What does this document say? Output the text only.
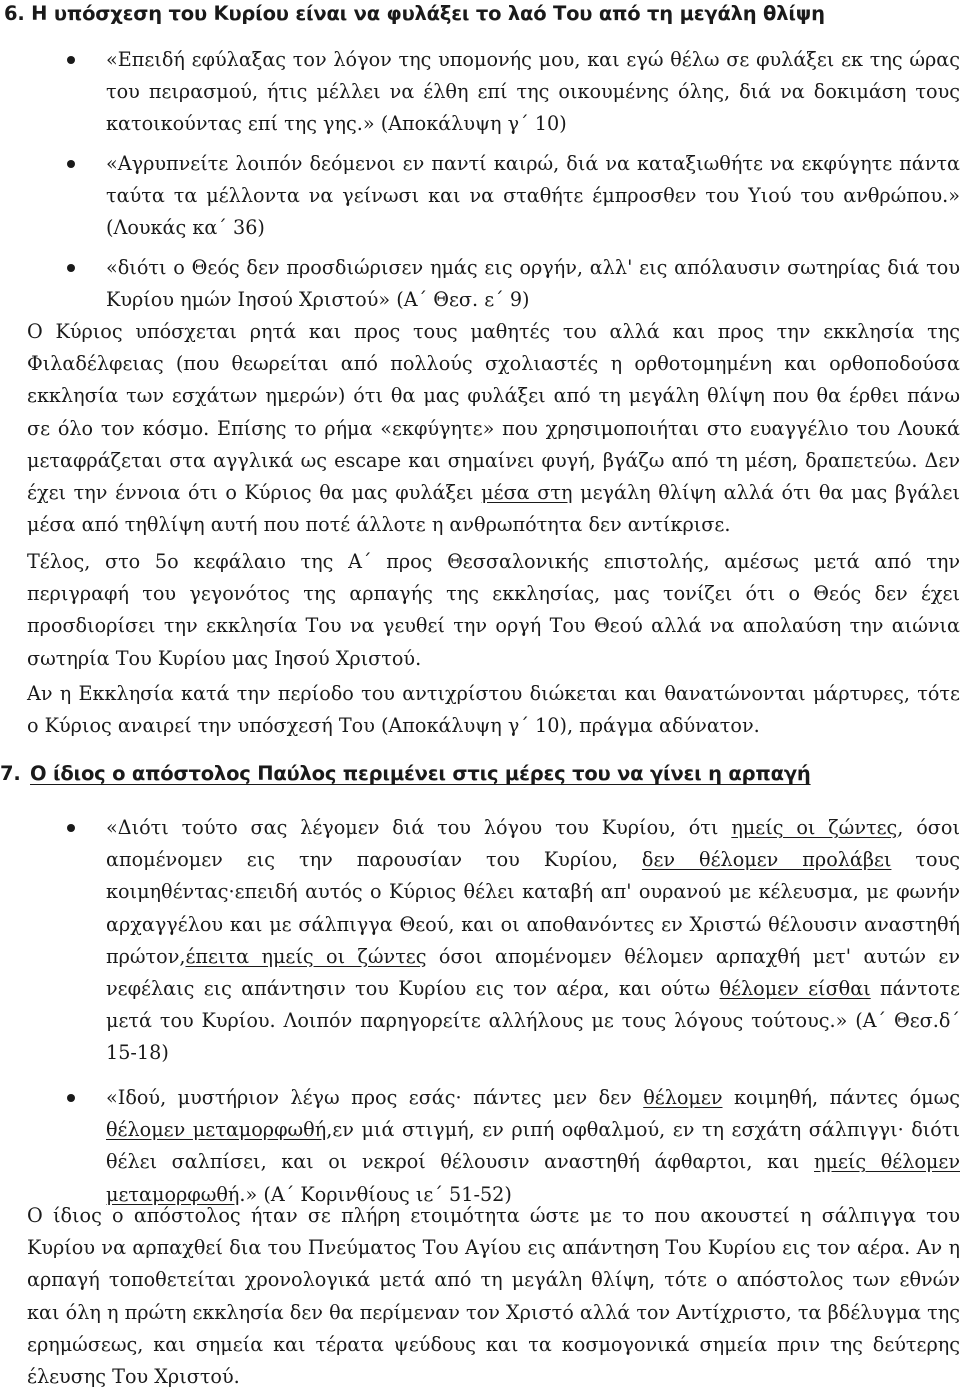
6. Η υπόσχεση του Κυρίου είναι να φυλάξει το λαό Του από τη μεγάλη θλίψη
«Επειδή εφύλαξας τον λόγον της υπομονής μου, και εγώ θέλω σε φυλάξει εκ της ώρας του πειρασμού, ήτις μέλλει να έλθη επί της οικουμένης όλης, διά να δοκιμάση τους κατοικούντας επί της γης.» (Αποκάλυψη γ΄ 10)
«Αγρυπνείτε λοιπόν δεόμενοι εν παντί καιρώ, διά να καταξιωθήτε να εκφύγητε πάντα ταύτα τα μέλλοντα να γείνωσι και να σταθήτε έμπροσθεν του Υιού του ανθρώπου.» (Λουκάς κα΄ 36)
«διότι ο Θεός δεν προσδιώρισεν ημάς εις οργήν, αλλ' εις απόλαυσιν σωτηρίας διά του Κυρίου ημών Ιησού Χριστού» (Α΄ Θεσ. ε΄ 9)

Ο Κύριος υπόσχεται ρητά και προς τους μαθητές του αλλά και προς την εκκλησία της Φιλαδέλφειας (που θεωρείται από πολλούς σχολιαστές η ορθοτομημένη και ορθοποδούσα εκκλησία των εσχάτων ημερών) ότι θα μας φυλάξει από τη μεγάλη θλίψη που θα έρθει πάνω σε όλο τον κόσμο. Επίσης το ρήμα «εκφύγητε» που χρησιμοποιήται στο ευαγγέλιο του Λουκά μεταφράζεται στα αγγλικά ως escape και σημαίνει φυγή, βγάζω από τη μέση, δραπετεύω. Δεν έχει την έννοια ότι ο Κύριος θα μας φυλάξει μέσα στη μεγάλη θλίψη αλλά ότι θα μας βγάλει μέσα από τηθλίψη αυτή που ποτέ άλλοτε η ανθρωπότητα δεν αντίκρισε.

Τέλος, στο 5ο κεφάλαιο της Α΄ προς Θεσσαλονικής επιστολής, αμέσως μετά από την περιγραφή του γεγονότος της αρπαγής της εκκλησίας, μας τονίζει ότι ο Θεός δεν έχει προσδιορίσει την εκκλησία Του να γευθεί την οργή Του Θεού αλλά να απολαύση την αιώνια σωτηρία Του Κυρίου μας Ιησού Χριστού.

Αν η Εκκλησία κατά την περίοδο του αντιχρίστου διώκεται και θανατώνονται μάρτυρες, τότε ο Κύριος αναιρεί την υπόσχεσή Του (Αποκάλυψη γ΄ 10), πράγμα αδύνατον.

7. Ο ίδιος ο απόστολος Παύλος περιμένει στις μέρες του να γίνει η αρπαγή
«Διότι τούτο σας λέγομεν διά του λόγου του Κυρίου, ότι ημείς οι ζώντες, όσοι απομένομεν εις την παρουσίαν του Κυρίου, δεν θέλομεν προλάβει τους κοιμηθέντας·επειδή αυτός ο Κύριος θέλει καταβή απ' ουρανού με κέλευσμα, με φωνήν αρχαγγέλου και με σάλπιγγα Θεού, και οι αποθανόντες εν Χριστώ θέλουσιν αναστηθή πρώτον,έπειτα ημείς οι ζώντες όσοι απομένομεν θέλομεν αρπαχθή μετ' αυτών εν νεφέλαις εις απάντησιν του Κυρίου εις τον αέρα, και ούτω θέλομεν είσθαι πάντοτε μετά του Κυρίου. Λοιπόν παρηγορείτε αλλήλους με τους λόγους τούτους.» (Α΄ Θεσ.δ΄ 15-18)
«Ιδού, μυστήριον λέγω προς εσάς· πάντες μεν δεν θέλομεν κοιμηθή, πάντες όμως θέλομεν μεταμορφωθή,εν μιά στιγμή, εν ριπή οφθαλμού, εν τη εσχάτη σάλπιγγι· διότι θέλει σαλπίσει, και οι νεκροί θέλουσιν αναστηθή άφθαρτοι, και ημείς θέλομεν μεταμορφωθή.» (Α΄ Κορινθίους ιε΄ 51-52)

Ο ίδιος ο απόστολος ήταν σε πλήρη ετοιμότητα ώστε με το που ακουστεί η σάλπιγγα του Κυρίου να αρπαχθεί δια του Πνεύματος Του Αγίου εις απάντηση Του Κυρίου εις τον αέρα. Αν η αρπαγή τοποθετείται χρονολογικά μετά από τη μεγάλη θλίψη, τότε ο απόστολος των εθνών και όλη η πρώτη εκκλησία δεν θα περίμεναν τον Χριστό αλλά τον Αντίχριστο, τα βδέλυγμα της ερημώσεως, και σημεία και τέρατα ψεύδους και τα κοσμογονικά σημεία πριν της δεύτερης έλευσης Του Χριστού.
